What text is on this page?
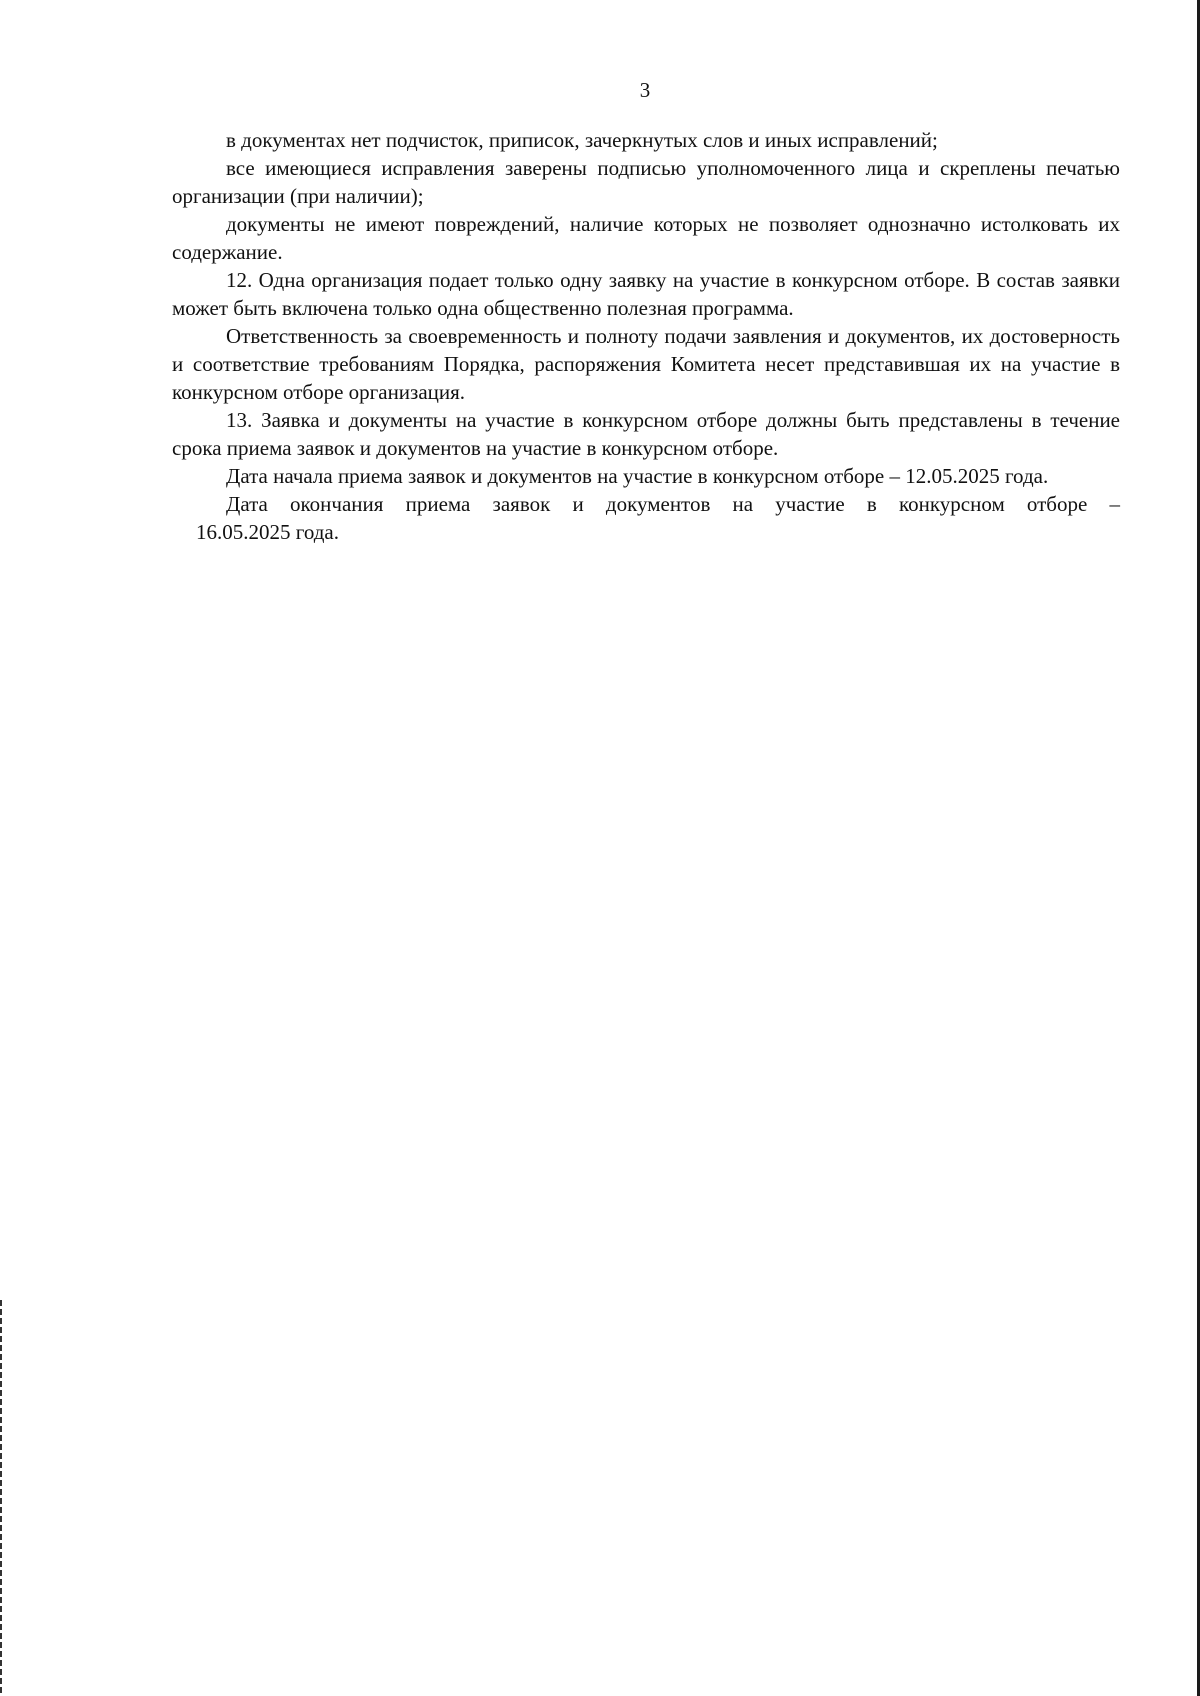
3

в документах нет подчисток, приписок, зачеркнутых слов и иных исправлений;

все имеющиеся исправления заверены подписью уполномоченного лица и скреплены печатью организации (при наличии);

документы не имеют повреждений, наличие которых не позволяет однозначно истолковать их содержание.

12. Одна организация подает только одну заявку на участие в конкурсном отборе. В состав заявки может быть включена только одна общественно полезная программа.

Ответственность за своевременность и полноту подачи заявления и документов, их достоверность и соответствие требованиям Порядка, распоряжения Комитета несет представившая их на участие в конкурсном отборе организация.

13. Заявка и документы на участие в конкурсном отборе должны быть представлены в течение срока приема заявок и документов на участие в конкурсном отборе.

Дата начала приема заявок и документов на участие в конкурсном отборе – 12.05.2025 года.

Дата окончания приема заявок и документов на участие в конкурсном отборе –

16.05.2025 года.
